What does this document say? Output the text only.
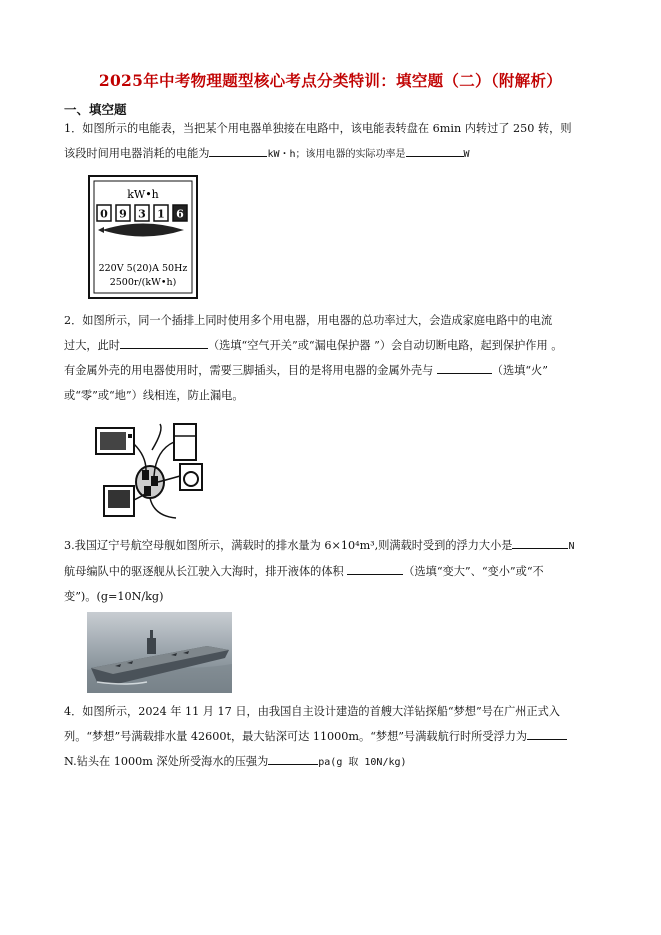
2025年中考物理题型核心考点分类特训：填空题（二）（附解析）
一、填空题
1．如图所示的电能表，当把某个用电器单独接在电路中，该电能表转盘在 6min 内转过了 250 转，则
该段时间用电器消耗的电能为	kW・h；该用电器的实际功率是	W
kW•h
0 9 3 1 6
220V 5(20)A 50Hz
2500r/(kW•h)
2．如图所示，同一个插排上同时使用多个用电器，用电器的总功率过大，会造成家庭电路中的电流
过大，此时	（选填“空气开关”或“漏电保护器 ”）会自动切断电路，起到保护作用 。
有金属外壳的用电器使用时，需要三脚插头，目的是将用电器的金属外壳与	（选填“火”
或“零”或“地”）线相连，防止漏电。
3.我国辽宁号航空母舰如图所示，满载时的排水量为 6×10⁴m³,则满载时受到的浮力大小是	N
航母编队中的驱逐舰从长江驶入大海时，排开液体的体积	（选填“变大”、“变小”或“不
变”)。(g=10N/kg)
4．如图所示，2024 年 11 月 17 日，由我国自主设计建造的首艘大洋钻探船“梦想”号在广州正式入
列。“梦想”号满载排水量 42600t，最大钻深可达 11000m。“梦想”号满载航行时所受浮力为
N.钻头在 1000m 深处所受海水的压强为	pa(g 取 10N/kg)
